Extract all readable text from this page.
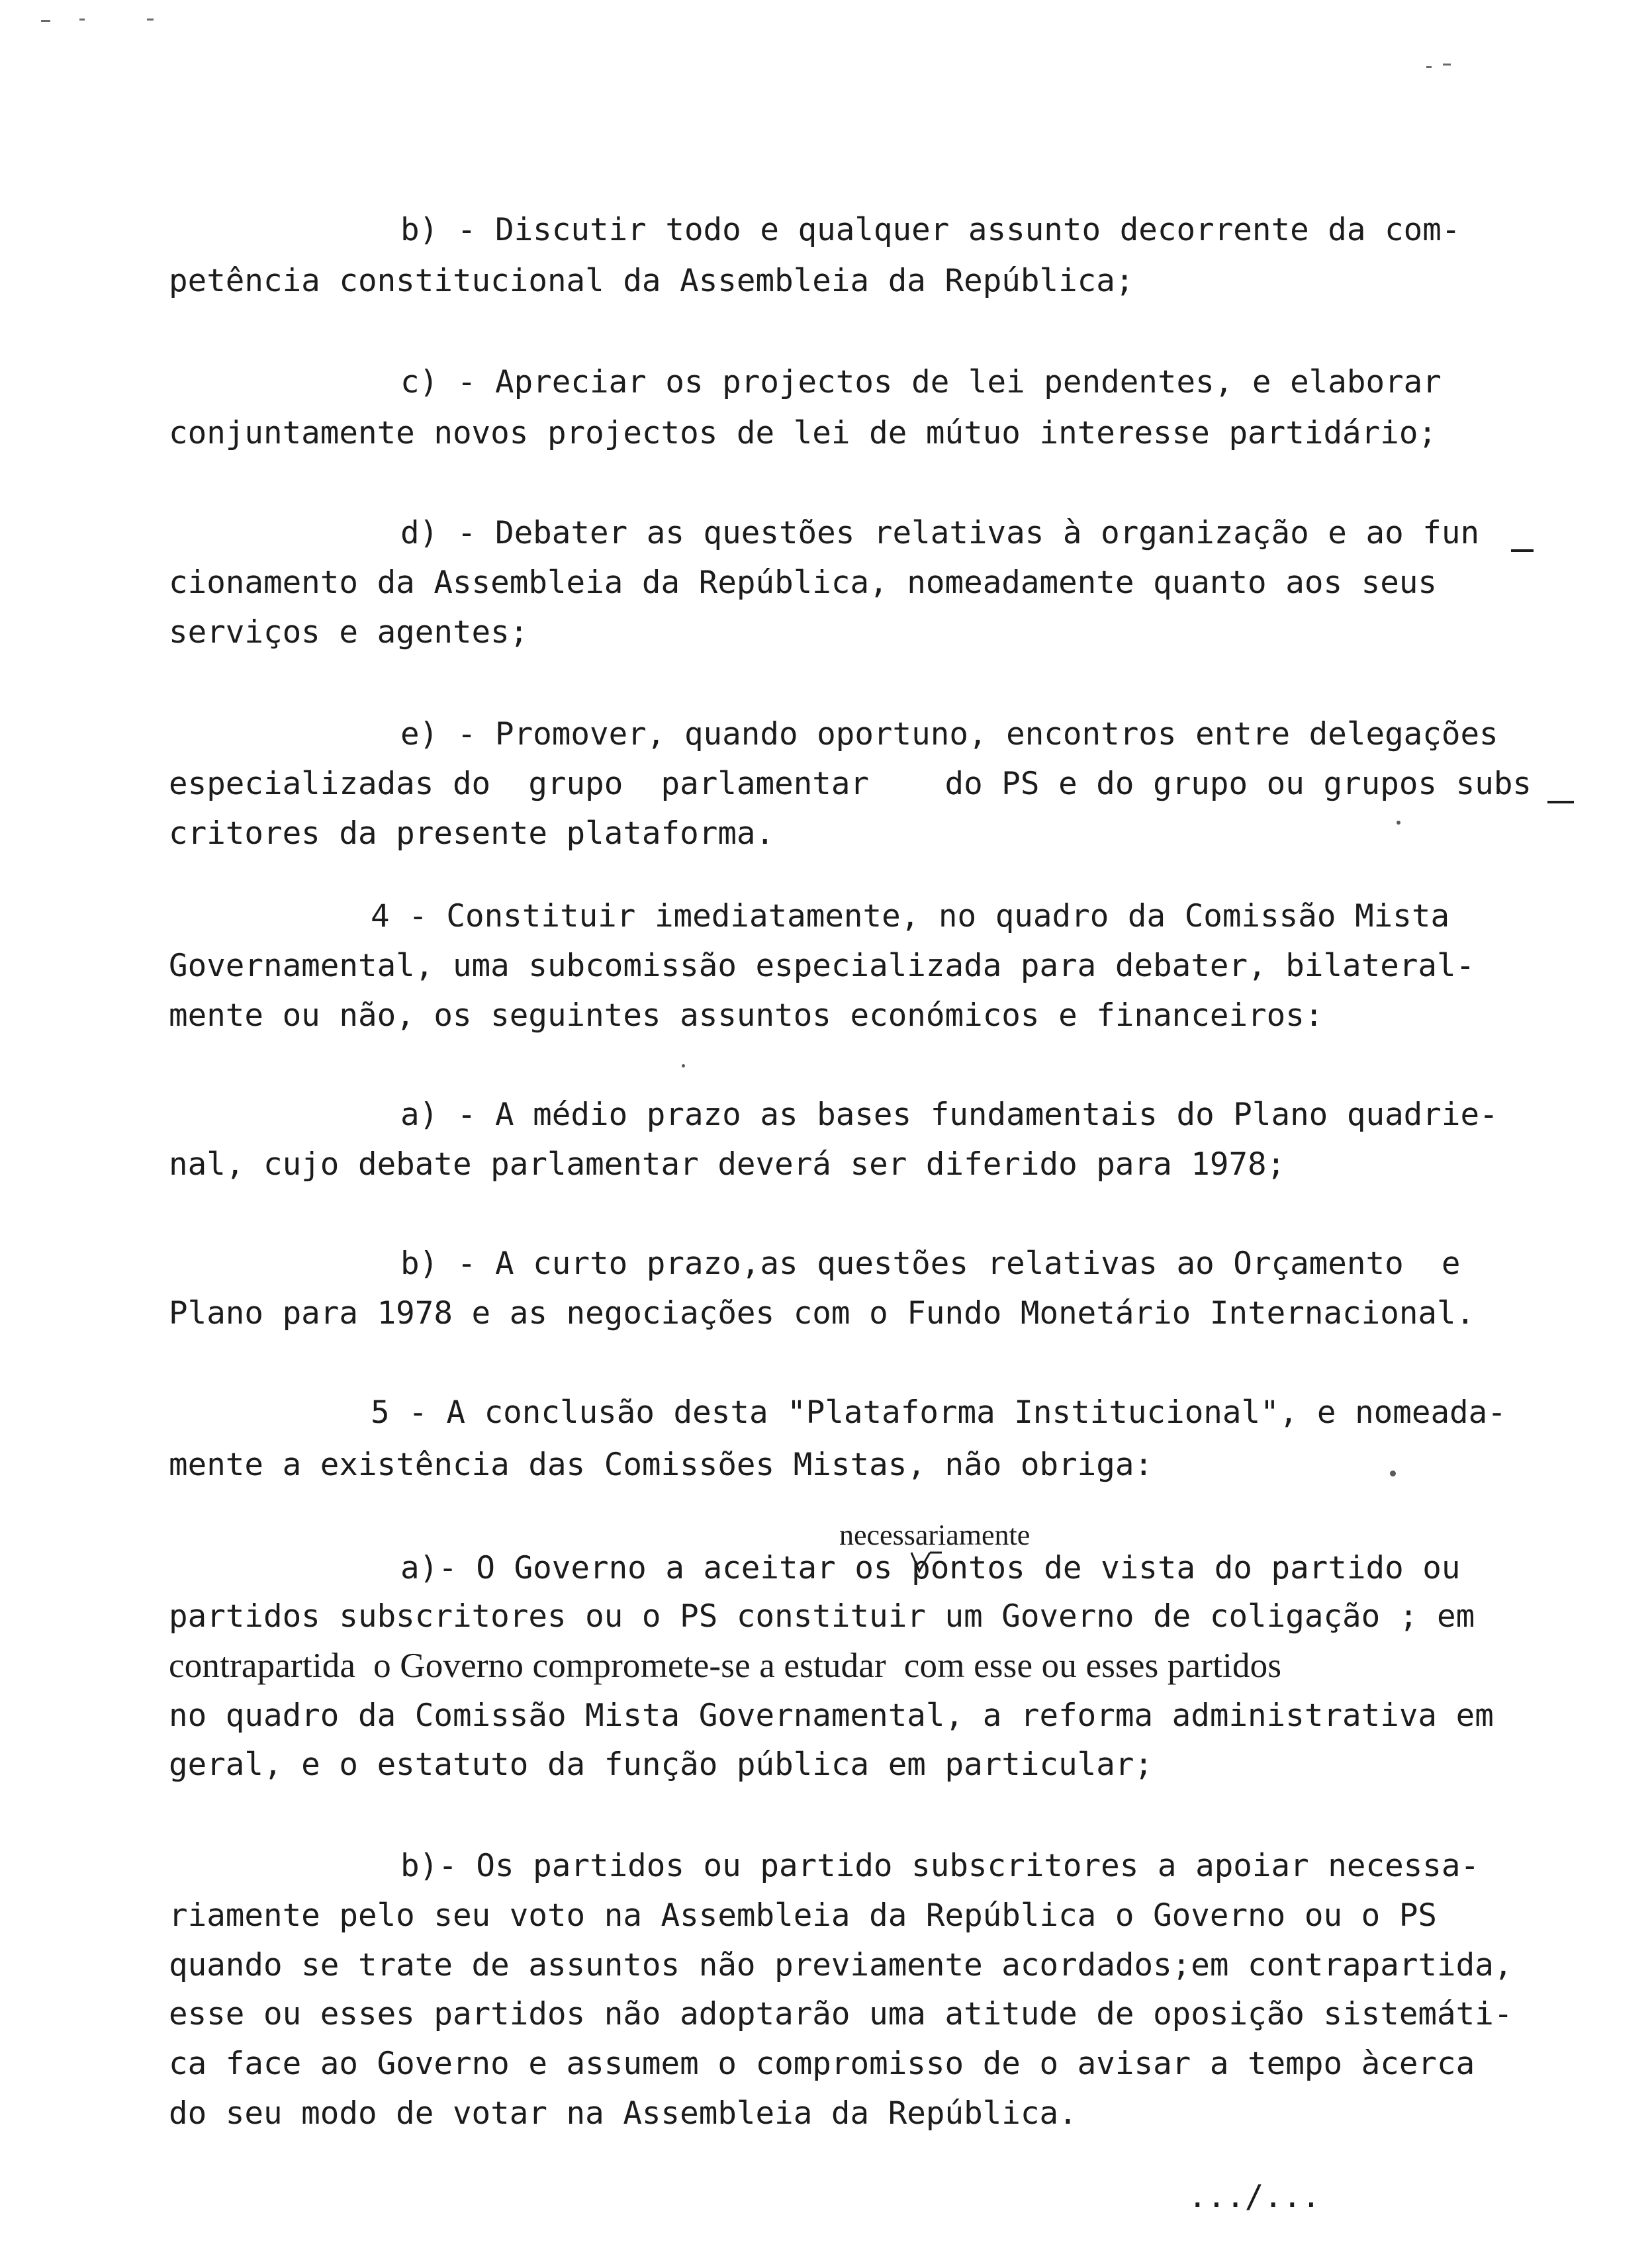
b) - Discutir todo e qualquer assunto decorrente da com-
petência constitucional da Assembleia da República;
c) - Apreciar os projectos de lei pendentes, e elaborar
conjuntamente novos projectos de lei de mútuo interesse partidário;
d) - Debater as questões relativas à organização e ao fun
cionamento da Assembleia da República, nomeadamente quanto aos seus
serviços e agentes;
e) - Promover, quando oportuno, encontros entre delegações
especializadas do  grupo  parlamentar    do PS e do grupo ou grupos subs
critores da presente plataforma.
4 - Constituir imediatamente, no quadro da Comissão Mista
Governamental, uma subcomissão especializada para debater, bilateral-
mente ou não, os seguintes assuntos económicos e financeiros:
a) - A médio prazo as bases fundamentais do Plano quadrie-
nal, cujo debate parlamentar deverá ser diferido para 1978;
b) - A curto prazo,as questões relativas ao Orçamento  e
Plano para 1978 e as negociações com o Fundo Monetário Internacional.
5 - A conclusão desta "Plataforma Institucional", e nomeada-
mente a existência das Comissões Mistas, não obriga:
necessariamente
a)- O Governo a aceitar os pontos de vista do partido ou
partidos subscritores ou o PS constituir um Governo de coligação ; em
contrapartida  o Governo compromete-se a estudar  com esse ou esses partidos
no quadro da Comissão Mista Governamental, a reforma administrativa em
geral, e o estatuto da função pública em particular;
b)- Os partidos ou partido subscritores a apoiar necessa-
riamente pelo seu voto na Assembleia da República o Governo ou o PS
quando se trate de assuntos não previamente acordados;em contrapartida,
esse ou esses partidos não adoptarão uma atitude de oposição sistemáti-
ca face ao Governo e assumem o compromisso de o avisar a tempo àcerca
do seu modo de votar na Assembleia da República.
.../...
